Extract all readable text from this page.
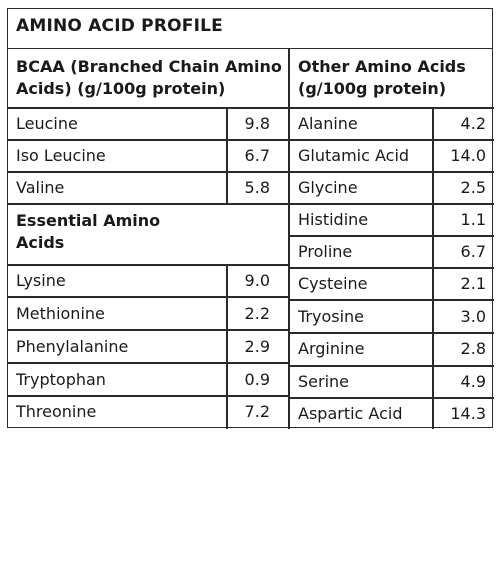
AMINO ACID PROFILE
BCAA (Branched Chain Amino
Acids) (g/100g protein)
Other Amino Acids
(g/100g protein)
Essential Amino
Acids
Leucine	9.8
Iso Leucine	6.7
Valine	5.8
Lysine	9.0
Methionine	2.2
Phenylalanine	2.9
Tryptophan	0.9
Threonine	7.2
Alanine	4.2
Glutamic Acid	14.0
Glycine	2.5
Histidine	1.1
Proline	6.7
Cysteine	2.1
Tryosine	3.0
Arginine	2.8
Serine	4.9
Aspartic Acid	14.3
